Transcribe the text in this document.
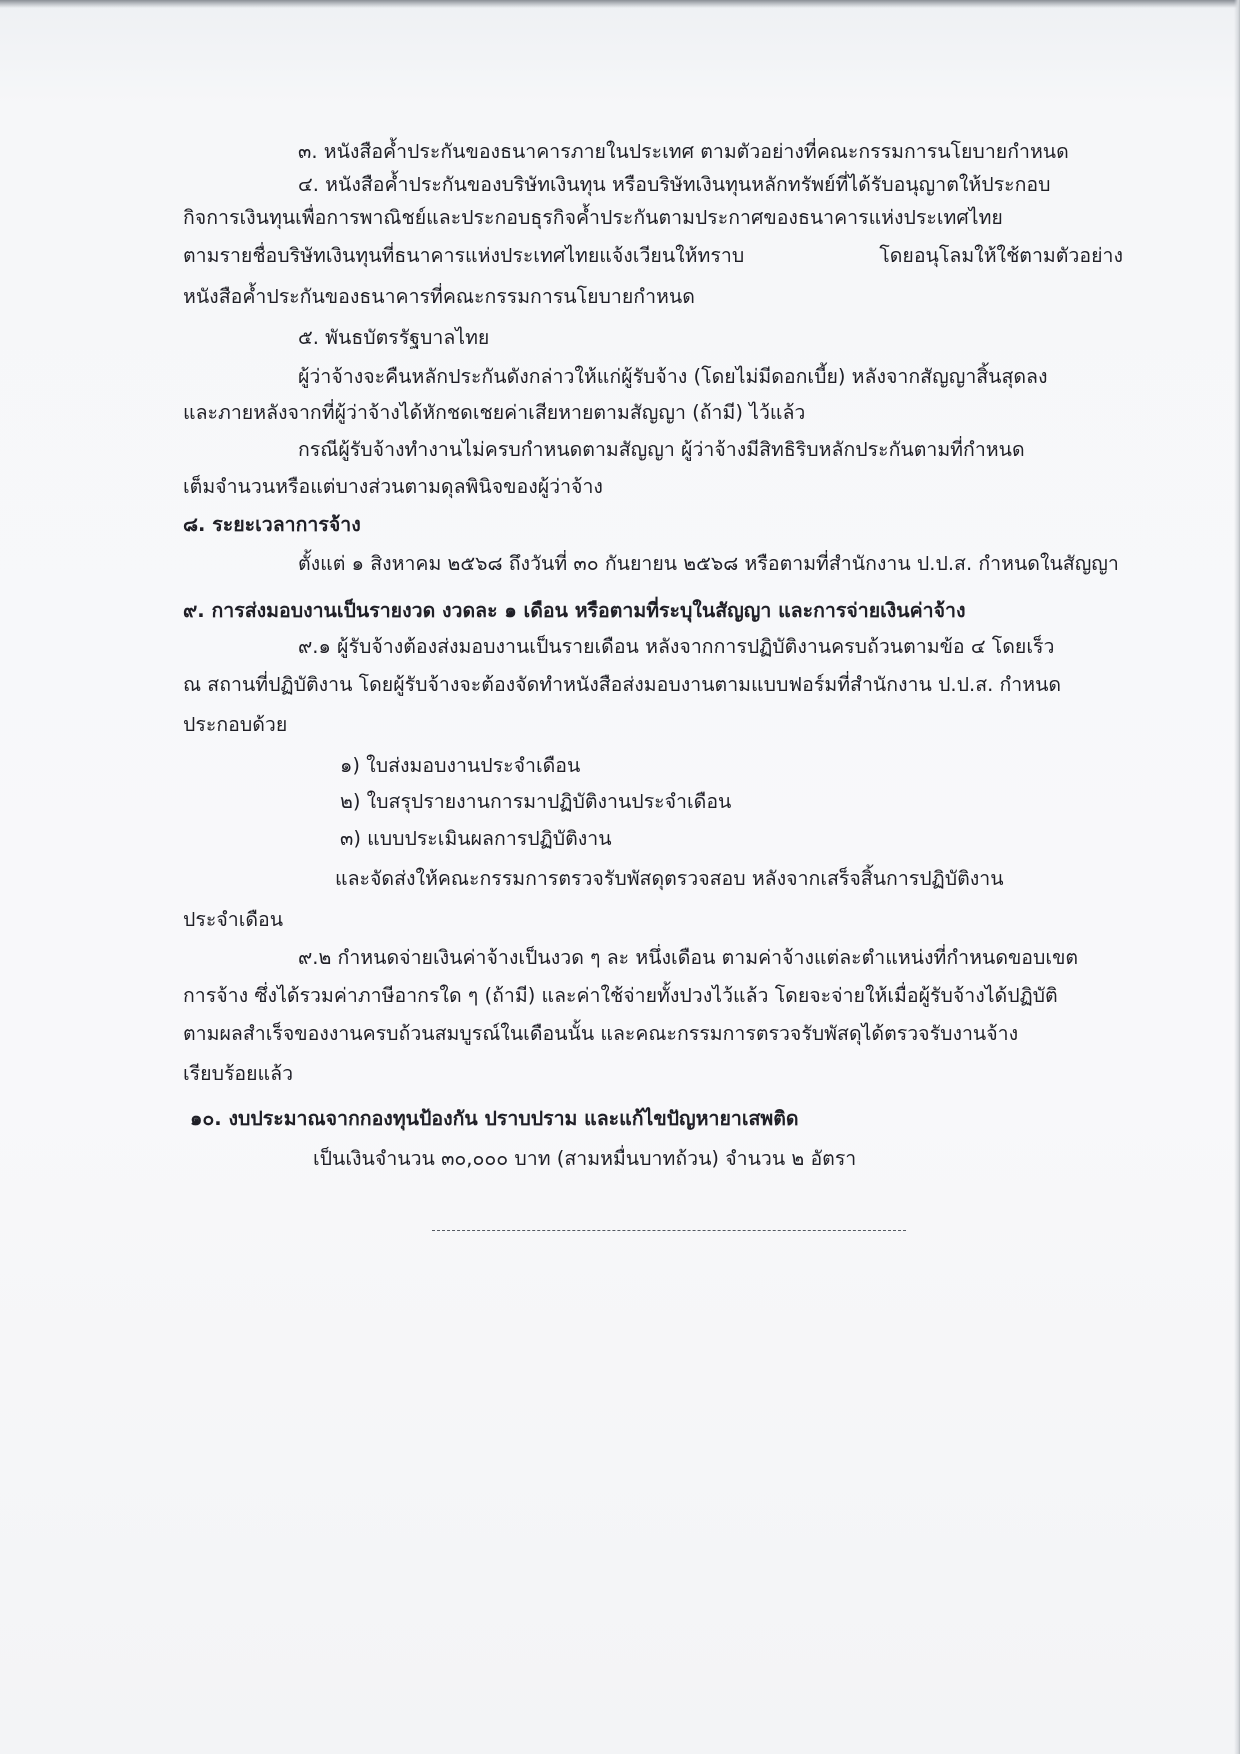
๓. หนังสือค้ำประกันของธนาคารภายในประเทศ ตามตัวอย่างที่คณะกรรมการนโยบายกำหนด
๔. หนังสือค้ำประกันของบริษัทเงินทุน หรือบริษัทเงินทุนหลักทรัพย์ที่ได้รับอนุญาตให้ประกอบ
กิจการเงินทุนเพื่อการพาณิชย์และประกอบธุรกิจค้ำประกันตามประกาศของธนาคารแห่งประเทศไทย
ตามรายชื่อบริษัทเงินทุนที่ธนาคารแห่งประเทศไทยแจ้งเวียนให้ทราบ โดยอนุโลมให้ใช้ตามตัวอย่าง
หนังสือค้ำประกันของธนาคารที่คณะกรรมการนโยบายกำหนด
๕. พันธบัตรรัฐบาลไทย
ผู้ว่าจ้างจะคืนหลักประกันดังกล่าวให้แก่ผู้รับจ้าง (โดยไม่มีดอกเบี้ย) หลังจากสัญญาสิ้นสุดลง
และภายหลังจากที่ผู้ว่าจ้างได้หักชดเชยค่าเสียหายตามสัญญา (ถ้ามี) ไว้แล้ว
กรณีผู้รับจ้างทำงานไม่ครบกำหนดตามสัญญา ผู้ว่าจ้างมีสิทธิริบหลักประกันตามที่กำหนด
เต็มจำนวนหรือแต่บางส่วนตามดุลพินิจของผู้ว่าจ้าง
๘. ระยะเวลาการจ้าง
ตั้งแต่ ๑ สิงหาคม ๒๕๖๘ ถึงวันที่ ๓๐ กันยายน ๒๕๖๘ หรือตามที่สำนักงาน ป.ป.ส. กำหนดในสัญญา
๙. การส่งมอบงานเป็นรายงวด งวดละ ๑ เดือน หรือตามที่ระบุในสัญญา และการจ่ายเงินค่าจ้าง
๙.๑ ผู้รับจ้างต้องส่งมอบงานเป็นรายเดือน หลังจากการปฏิบัติงานครบถ้วนตามข้อ ๔ โดยเร็ว
ณ สถานที่ปฏิบัติงาน โดยผู้รับจ้างจะต้องจัดทำหนังสือส่งมอบงานตามแบบฟอร์มที่สำนักงาน ป.ป.ส. กำหนด
ประกอบด้วย
๑) ใบส่งมอบงานประจำเดือน
๒) ใบสรุปรายงานการมาปฏิบัติงานประจำเดือน
๓) แบบประเมินผลการปฏิบัติงาน
และจัดส่งให้คณะกรรมการตรวจรับพัสดุตรวจสอบ หลังจากเสร็จสิ้นการปฏิบัติงาน
ประจำเดือน
๙.๒ กำหนดจ่ายเงินค่าจ้างเป็นงวด ๆ ละ หนึ่งเดือน ตามค่าจ้างแต่ละตำแหน่งที่กำหนดขอบเขต
การจ้าง ซึ่งได้รวมค่าภาษีอากรใด ๆ (ถ้ามี) และค่าใช้จ่ายทั้งปวงไว้แล้ว โดยจะจ่ายให้เมื่อผู้รับจ้างได้ปฏิบัติ
ตามผลสำเร็จของงานครบถ้วนสมบูรณ์ในเดือนนั้น และคณะกรรมการตรวจรับพัสดุได้ตรวจรับงานจ้าง
เรียบร้อยแล้ว
๑๐. งบประมาณจากกองทุนป้องกัน ปราบปราม และแก้ไขปัญหายาเสพติด
เป็นเงินจำนวน ๓๐,๐๐๐ บาท (สามหมื่นบาทถ้วน) จำนวน ๒ อัตรา
